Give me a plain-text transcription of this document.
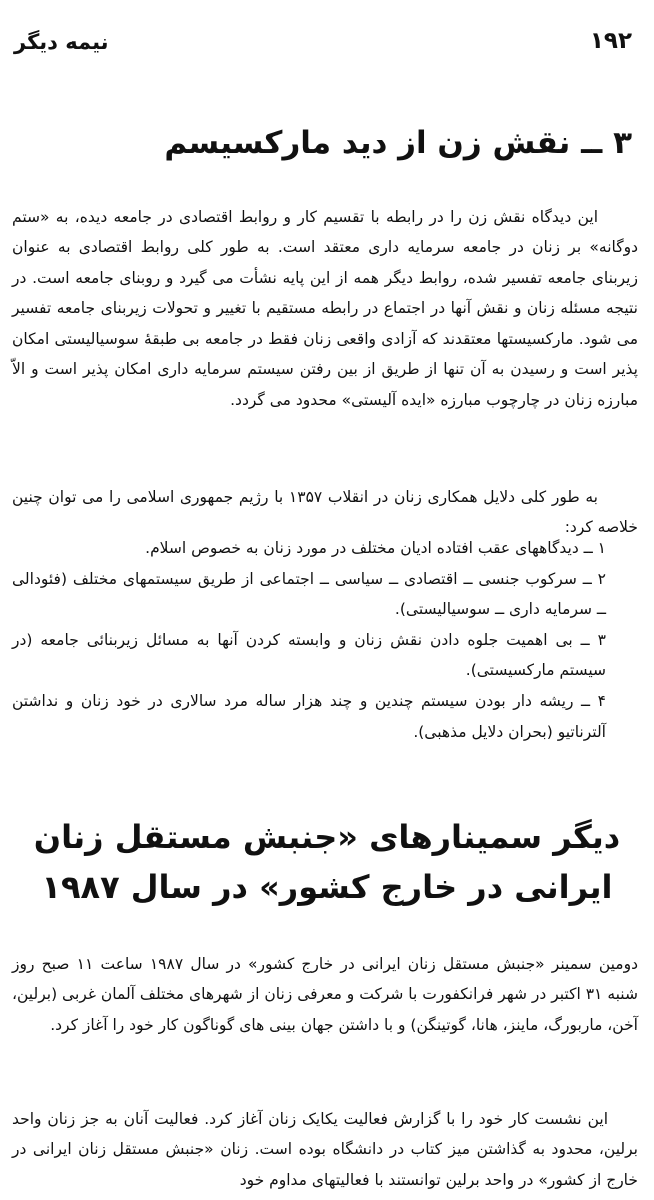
نیمه دیگر	۱۹۲
۳ ــ نقش زن از دید مارکسیسم

این دیدگاه نقش زن را در رابطه با تقسیم کار و روابط اقتصادی در جامعه دیده، به «ستم دوگانه» بر زنان در جامعه سرمایه داری معتقد است. به طور کلی روابط اقتصادی به عنوان زیربنای جامعه تفسیر شده، روابط دیگر همه از این پایه نشأت می گیرد و روبنای جامعه است. در نتیجه مسئله زنان و نقش آنها در اجتماع در رابطه مستقیم با تغییر و تحولات زیربنای جامعه تفسیر می شود. مارکسیستها معتقدند که آزادی واقعی زنان فقط در جامعه بی طبقهٔ سوسیالیستی امکان پذیر است و رسیدن به آن تنها از طریق از بین رفتن سیستم سرمایه داری امکان پذیر است و الاّ مبارزه زنان در چارچوب مبارزه «ایده آلیستی» محدود می گردد.

به طور کلی دلایل همکاری زنان در انقلاب ۱۳۵۷ با رژیم جمهوری اسلامی را می توان چنین خلاصه کرد:

۱ ــ دیدگاههای عقب افتاده ادیان مختلف در مورد زنان به خصوص اسلام.
۲ ــ سرکوب جنسی ــ اقتصادی ــ سیاسی ــ اجتماعی از طریق سیستمهای مختلف (فئودالی ــ سرمایه داری ــ سوسیالیستی).
۳ ــ بی اهمیت جلوه دادن نقش زنان و وابسته کردن آنها به مسائل زیربنائی جامعه (در سیستم مارکسیستی).
۴ ــ ریشه دار بودن سیستم چندین و چند هزار ساله مرد سالاری در خود زنان و نداشتن آلترناتیو (بحران دلایل مذهبی).
دیگر سمینارهای «جنبش مستقل زنان ایرانی در خارج کشور» در سال ۱۹۸۷

دومین سمینر «جنبش مستقل زنان ایرانی در خارج کشور» در سال ۱۹۸۷ ساعت ۱۱ صبح روز شنبه ۳۱ اکتبر در شهر فرانکفورت با شرکت و معرفی زنان از شهرهای مختلف آلمان غربی (برلین، آخن، ماربورگ، ماینز، هانا، گوتینگن) و با داشتن جهان بینی های گوناگون کار خود را آغاز کرد.

این نشست کار خود را با گزارش فعالیت یکایک زنان آغاز کرد. فعالیت آنان به جز زنان واحد برلین، محدود به گذاشتن میز کتاب در دانشگاه بوده است. زنان «جنبش مستقل زنان ایرانی در خارج از کشور» در واحد برلین توانستند با فعالیتهای مداوم خود
